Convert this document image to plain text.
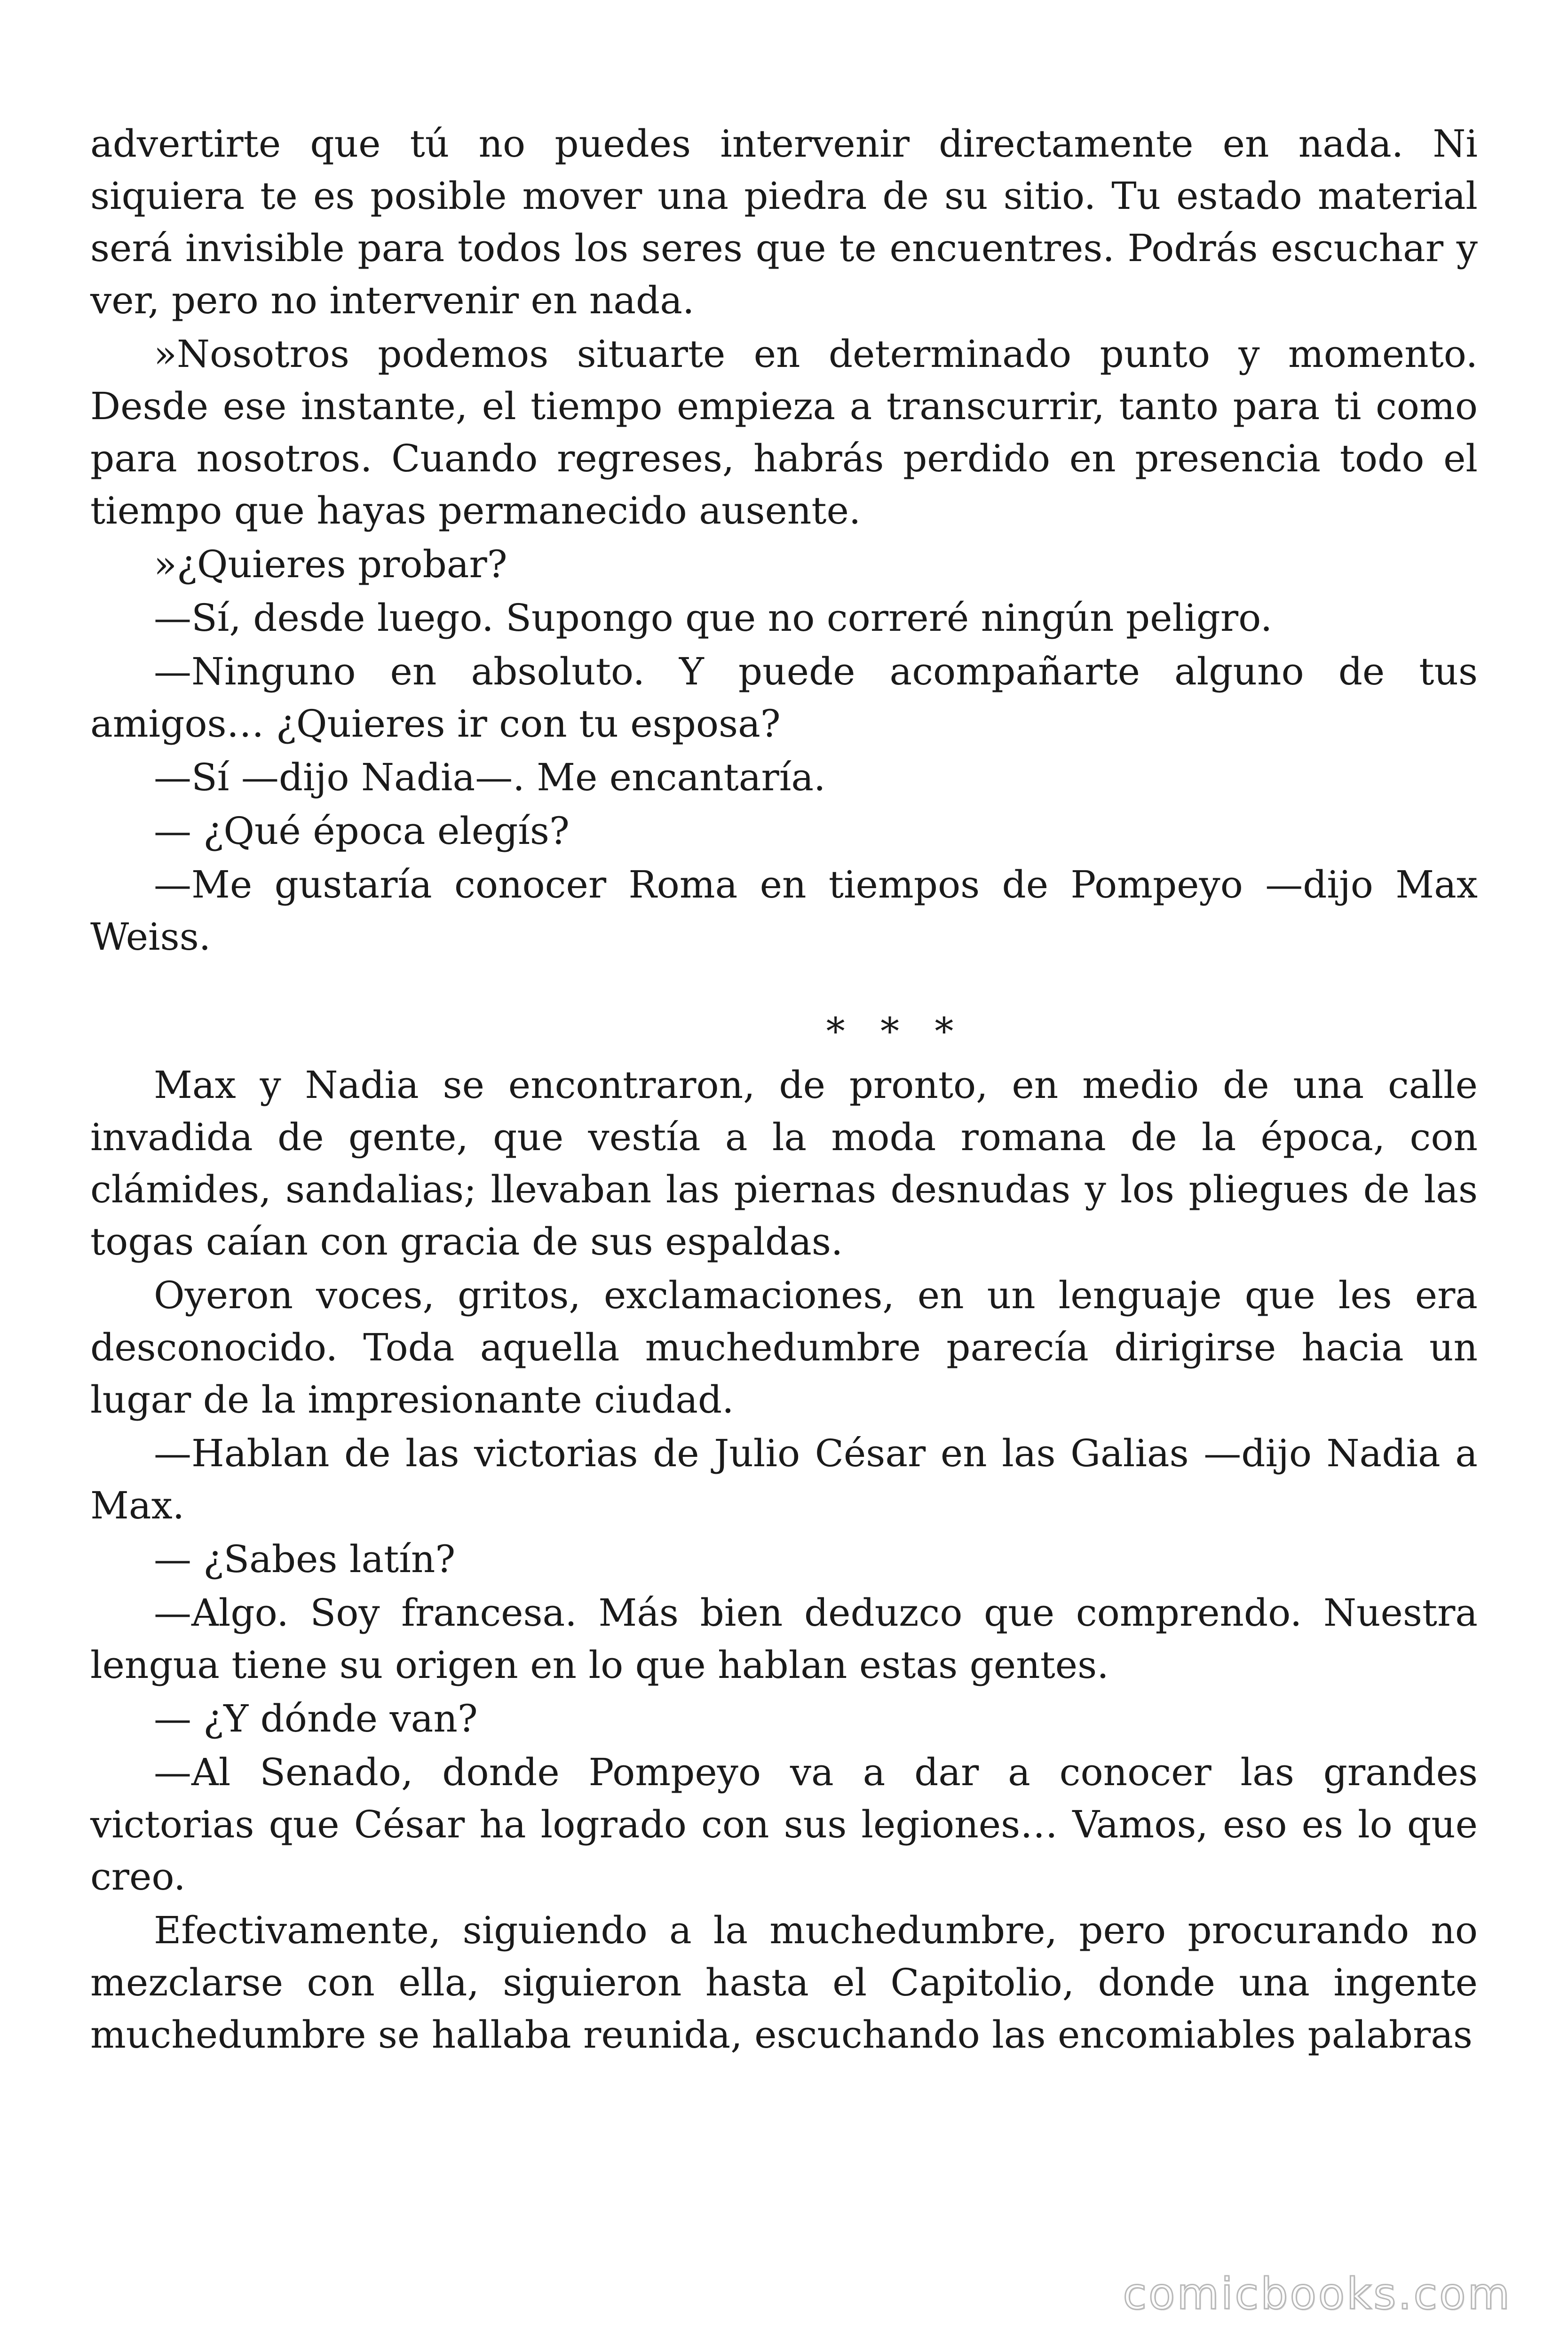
advertirte que tú no puedes intervenir directamente en nada. Ni siquiera te es posible mover una piedra de su sitio. Tu estado material será invisible para todos los seres que te encuentres. Podrás escuchar y ver, pero no intervenir en nada.

»Nosotros podemos situarte en determinado punto y momento. Desde ese instante, el tiempo empieza a transcurrir, tanto para ti como para nosotros. Cuando regreses, habrás perdido en presencia todo el tiempo que hayas permanecido ausente.

»¿Quieres probar?

—Sí, desde luego. Supongo que no correré ningún peligro.

—Ninguno en absoluto. Y puede acompañarte alguno de tus amigos… ¿Quieres ir con tu esposa?

—Sí —dijo Nadia—. Me encantaría.

— ¿Qué época elegís?

—Me gustaría conocer Roma en tiempos de Pompeyo —dijo Max Weiss.

* * *

Max y Nadia se encontraron, de pronto, en medio de una calle invadida de gente, que vestía a la moda romana de la época, con clámides, sandalias; llevaban las piernas desnudas y los pliegues de las togas caían con gracia de sus espaldas.

Oyeron voces, gritos, exclamaciones, en un lenguaje que les era desconocido. Toda aquella muchedumbre parecía dirigirse hacia un lugar de la impresionante ciudad.

—Hablan de las victorias de Julio César en las Galias —dijo Nadia a Max.

— ¿Sabes latín?

—Algo. Soy francesa. Más bien deduzco que comprendo. Nuestra lengua tiene su origen en lo que hablan estas gentes.

— ¿Y dónde van?

—Al Senado, donde Pompeyo va a dar a conocer las grandes victorias que César ha logrado con sus legiones… Vamos, eso es lo que creo.

Efectivamente, siguiendo a la muchedumbre, pero procurando no mezclarse con ella, siguieron hasta el Capitolio, donde una ingente muchedumbre se hallaba reunida, escuchando las encomiables palabras

comicbooks.com
